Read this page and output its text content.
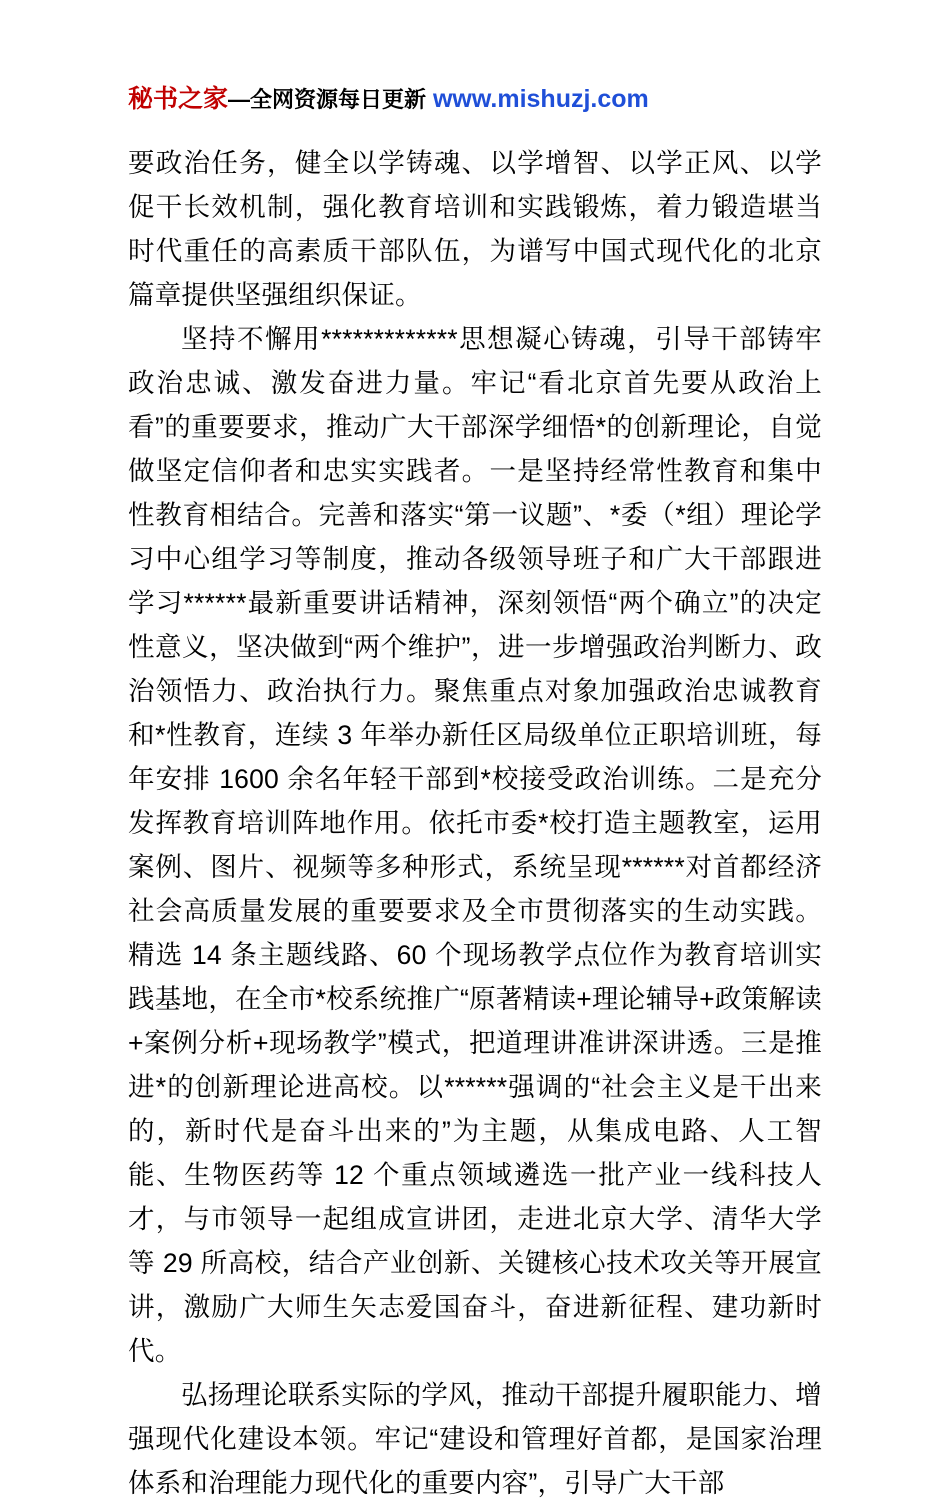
秘书之家—全网资源每日更新 www.mishuzj.com

要政治任务，健全以学铸魂、以学增智、以学正风、以学促干长效机制，强化教育培训和实践锻炼，着力锻造堪当时代重任的高素质干部队伍，为谱写中国式现代化的北京篇章提供坚强组织保证。

坚持不懈用*************思想凝心铸魂，引导干部铸牢政治忠诚、激发奋进力量。牢记“看北京首先要从政治上看”的重要要求，推动广大干部深学细悟*的创新理论，自觉做坚定信仰者和忠实实践者。一是坚持经常性教育和集中性教育相结合。完善和落实“第一议题”、*委（*组）理论学习中心组学习等制度，推动各级领导班子和广大干部跟进学习******最新重要讲话精神，深刻领悟“两个确立”的决定性意义，坚决做到“两个维护”，进一步增强政治判断力、政治领悟力、政治执行力。聚焦重点对象加强政治忠诚教育和*性教育，连续 3 年举办新任区局级单位正职培训班，每年安排 1600 余名年轻干部到*校接受政治训练。二是充分发挥教育培训阵地作用。依托市委*校打造主题教室，运用案例、图片、视频等多种形式，系统呈现******对首都经济社会高质量发展的重要要求及全市贯彻落实的生动实践。精选 14 条主题线路、60 个现场教学点位作为教育培训实践基地，在全市*校系统推广“原著精读+理论辅导+政策解读+案例分析+现场教学”模式，把道理讲准讲深讲透。三是推进*的创新理论进高校。以******强调的“社会主义是干出来的，新时代是奋斗出来的”为主题，从集成电路、人工智能、生物医药等 12 个重点领域遴选一批产业一线科技人才，与市领导一起组成宣讲团，走进北京大学、清华大学等 29 所高校，结合产业创新、关键核心技术攻关等开展宣讲，激励广大师生矢志爱国奋斗，奋进新征程、建功新时代。

弘扬理论联系实际的学风，推动干部提升履职能力、增强现代化建设本领。牢记“建设和管理好首都，是国家治理体系和治理能力现代化的重要内容”，引导广大干部
